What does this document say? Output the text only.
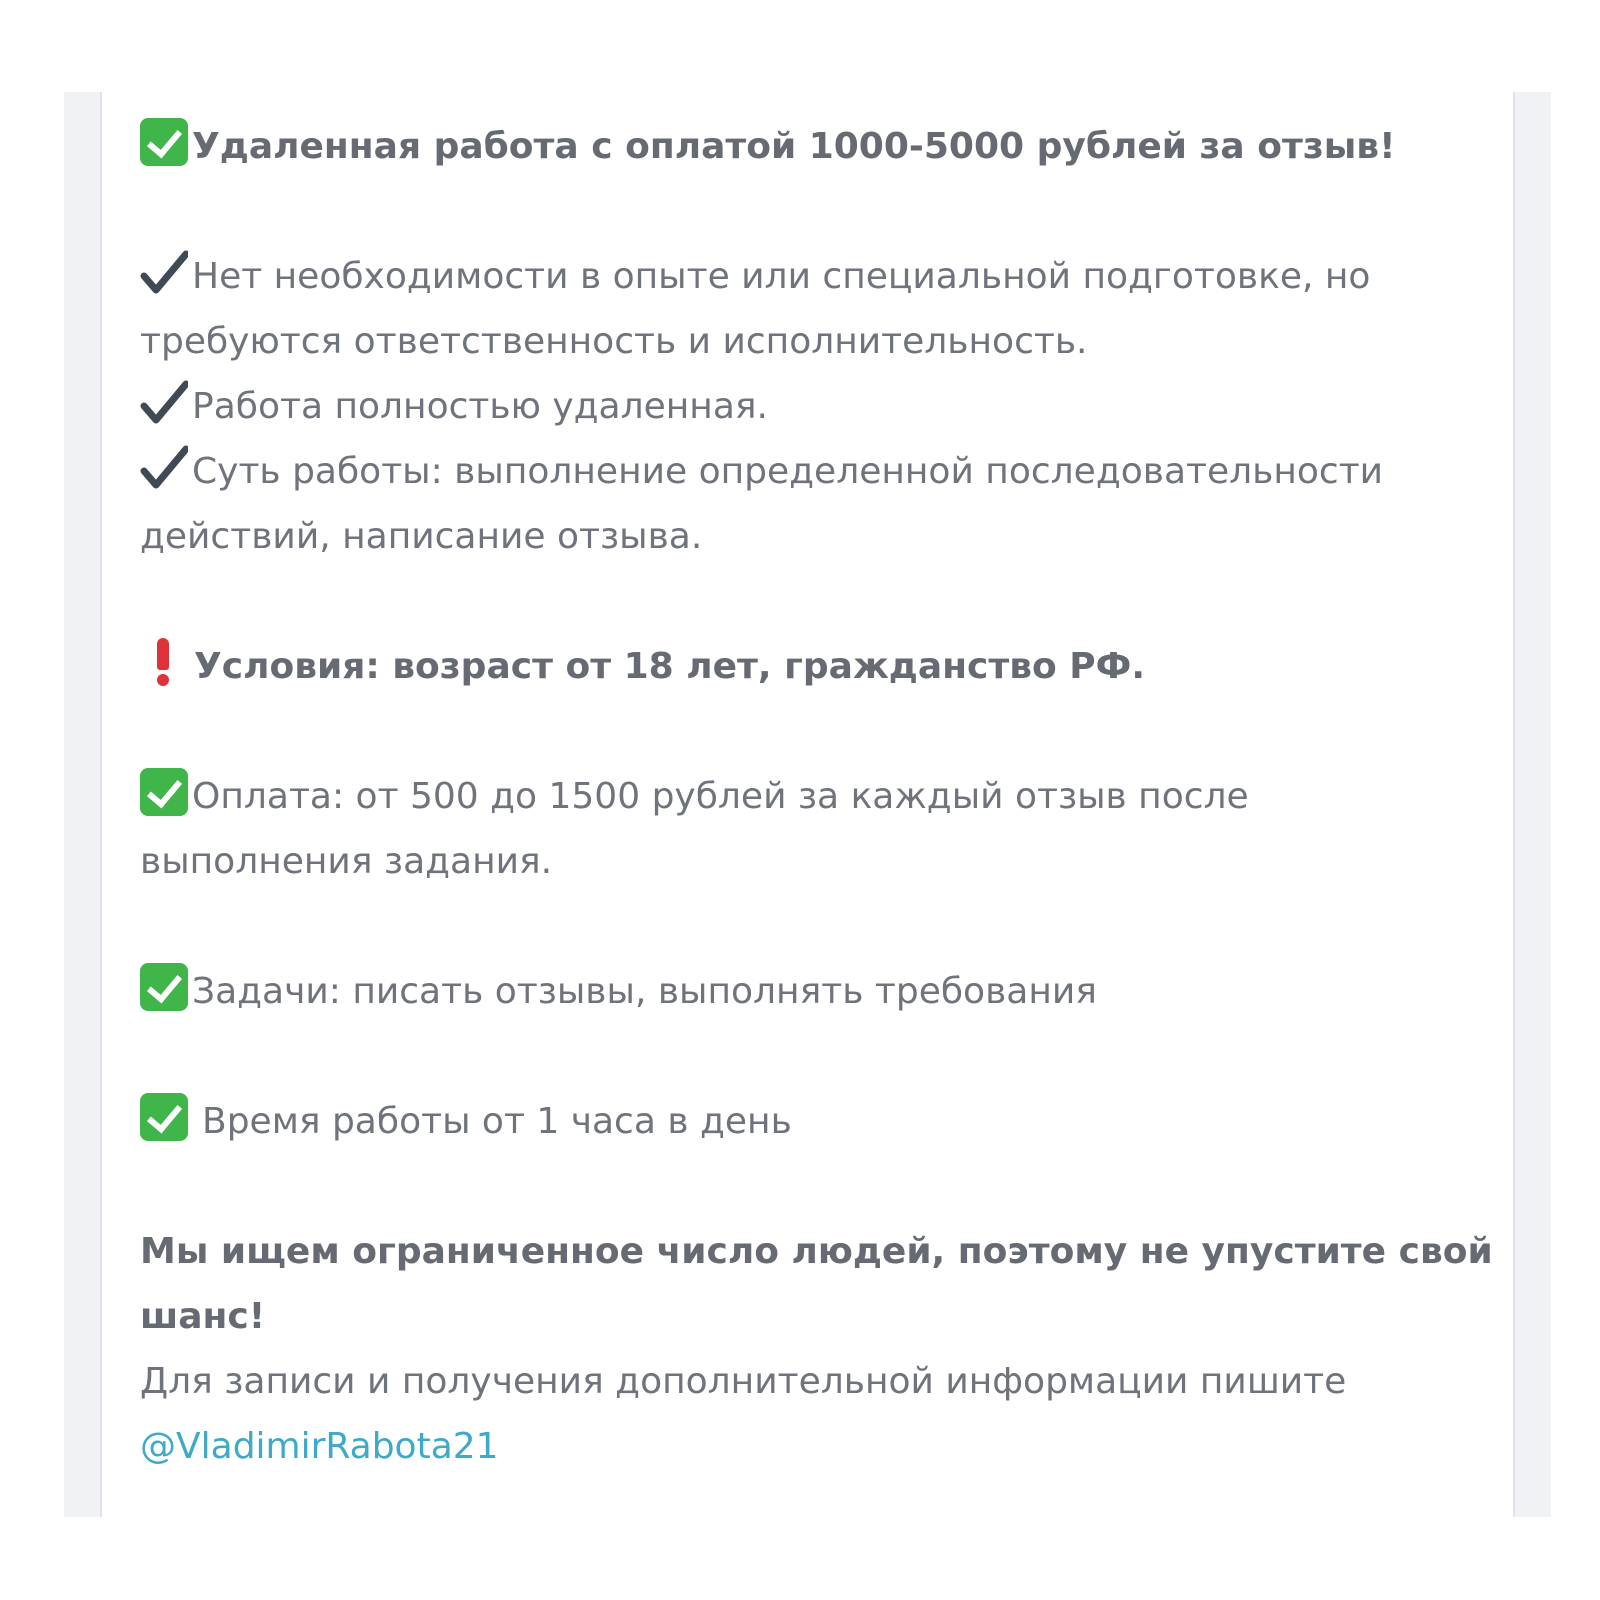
Удаленная работа с оплатой 1000-5000 рублей за отзыв!

Нет необходимости в опыте или специальной подготовке, но
требуются ответственность и исполнительность.
Работа полностью удаленная.
Суть работы: выполнение определенной последовательности
действий, написание отзыва.

Условия: возраст от 18 лет, гражданство РФ.

Оплата: от 500 до 1500 рублей за каждый отзыв после
выполнения задания.

Задачи: писать отзывы, выполнять требования

Время работы от 1 часа в день

Мы ищем ограниченное число людей, поэтому не упустите свой
шанс!
Для записи и получения дополнительной информации пишите
@VladimirRabota21
